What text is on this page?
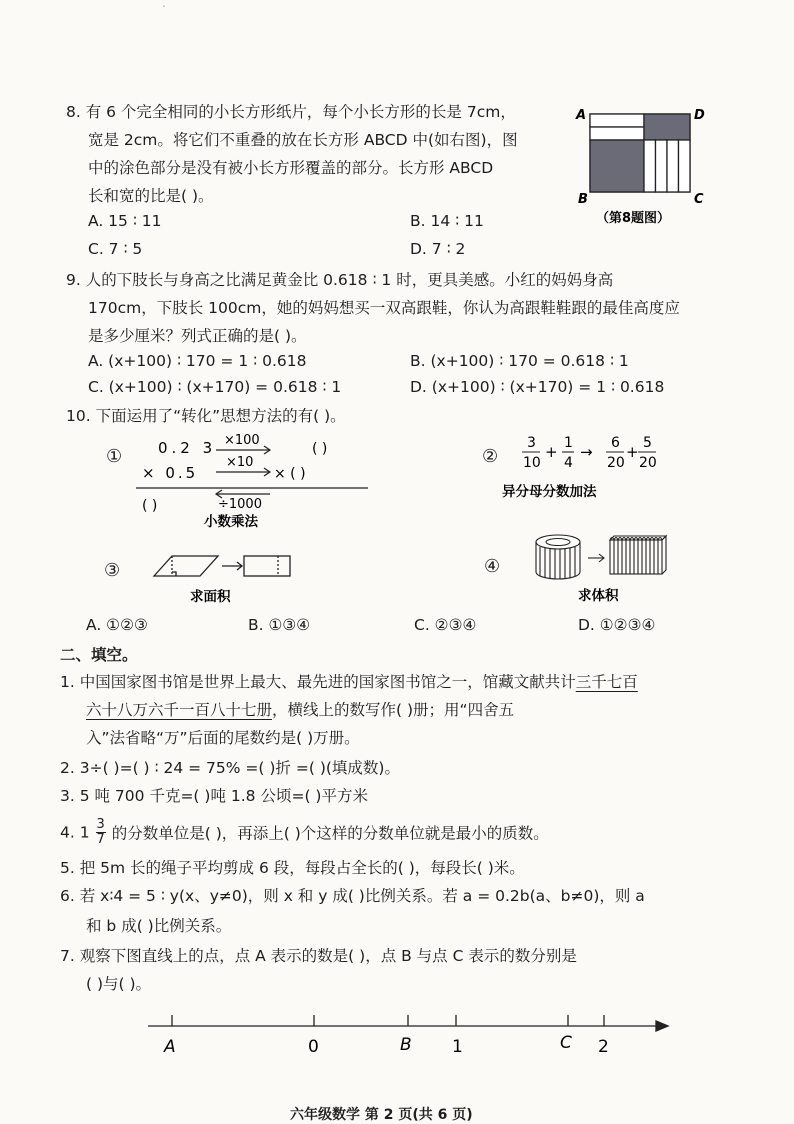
.
8. 有 6 个完全相同的小长方形纸片，每个小长方形的长是 7cm，
宽是 2cm。将它们不重叠的放在长方形 ABCD 中(如右图)，图
中的涂色部分是没有被小长方形覆盖的部分。长方形 ABCD
长和宽的比是( )。
A. 15 ∶ 11	B. 14 ∶ 11
C. 7 ∶ 5	D. 7 ∶ 2
A	D
B	C
（第8题图）
9. 人的下肢长与身高之比满足黄金比 0.618 ∶ 1 时，更具美感。小红的妈妈身高
170cm，下肢长 100cm，她的妈妈想买一双高跟鞋，你认为高跟鞋鞋跟的最佳高度应
是多少厘米？列式正确的是( )。
A. (x+100) ∶ 170 = 1 ∶ 0.618	B. (x+100) ∶ 170 = 0.618 ∶ 1
C. (x+100) ∶ (x+170) = 0.618 ∶ 1	D. (x+100) ∶ (x+170) = 1 ∶ 0.618
10. 下面运用了“转化”思想方法的有( )。
① 0.2 3
× 0.5
( )
×100
×10
÷1000
( )
× ( )
小数乘法
②
3
10
+ 1
4
→ 6
20
+ 5
20
异分母分数加法
③
求面积
④
求体积
A. ①②③	B. ①③④	C. ②③④	D. ①②③④
二、填空。
1. 中国国家图书馆是世界上最大、最先进的国家图书馆之一，馆藏文献共计三千七百
六十八万六千一百八十七册，横线上的数写作( )册；用“四舍五
入”法省略“万”后面的尾数约是( )万册。
2. 3÷( )=( ) ∶ 24 = 75% =( )折 =( )(填成数)。
3. 5 吨 700 千克=( )吨 1.8 公顷=( )平方米
4. $1 \frac{3}{7}$ 的分数单位是( )，再添上( )个这样的分数单位就是最小的质数。
5. 把 5m 长的绳子平均剪成 6 段，每段占全长的( )，每段长( )米。
6. 若 x∶4 = 5 ∶ y(x、y≠0)，则 x 和 y 成( )比例关系。若 a = 0.2b(a、b≠0)，则 a
和 b 成( )比例关系。
7. 观察下图直线上的点，点 A 表示的数是( )，点 B 与点 C 表示的数分别是
( )与( )。
A	0	B 1	C 2
六年级数学 第 2 页(共 6 页)
